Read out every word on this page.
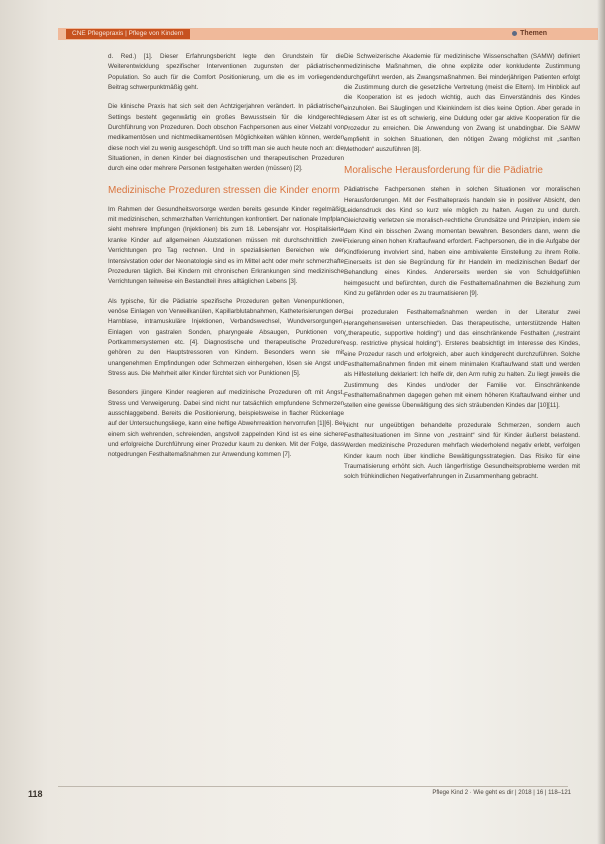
CNE Pflegepraxis | Pflege von Kindern	Themen

d. Red.) [1]. Dieser Erfahrungsbericht legte den Grundstein für die Weiterentwicklung spezifischer Interventionen zugunsten der pädiatrischen Population. So auch für die Comfort Positionierung, um die es im vorliegenden Beitrag schwerpunktmäßig geht.

Die klinische Praxis hat sich seit den Achtzigerjahren verändert. In pädiatrischen Settings besteht gegenwärtig ein großes Bewusstsein für die kindgerechte Durchführung von Prozeduren. Doch obschon Fachpersonen aus einer Vielzahl von medikamentösen und nichtmedikamentösen Möglichkeiten wählen können, werden diese noch viel zu wenig ausgeschöpft. Und so trifft man sie auch heute noch an: die Situationen, in denen Kinder bei diagnostischen und therapeutischen Prozeduren durch eine oder mehrere Personen festgehalten werden (müssen) [2].

Medizinische Prozeduren stressen die Kinder enorm

Im Rahmen der Gesundheitsvorsorge werden bereits gesunde Kinder regelmäßig mit medizinischen, schmerzhaften Verrichtungen konfrontiert. Der nationale Impfplan sieht mehrere Impfungen (Injektionen) bis zum 18. Lebensjahr vor. Hospitalisierte kranke Kinder auf allgemeinen Akutstationen müssen mit durchschnittlich zwei Verrichtungen pro Tag rechnen. Und in spezialisierten Bereichen wie der Intensivstation oder der Neonatologie sind es im Mittel acht oder mehr schmerzhafte Prozeduren täglich. Bei Kindern mit chronischen Erkrankungen sind medizinische Verrichtungen teilweise ein Bestandteil ihres alltäglichen Lebens [3].

Als typische, für die Pädiatrie spezifische Prozeduren gelten Venenpunktionen, venöse Einlagen von Verweilkanülen, Kapillarblutabnahmen, Katheterisierungen der Harnblase, intramuskuläre Injektionen, Verbandswechsel, Wundversorgungen, Einlagen von gastralen Sonden, pharyngeale Absaugen, Punktionen von Portkammersystemen etc. [4]. Diagnostische und therapeutische Prozeduren gehören zu den Hauptstressoren von Kindern. Besonders wenn sie mit unangenehmen Empfindungen oder Schmerzen einhergehen, lösen sie Angst und Stress aus. Die Mehrheit aller Kinder fürchtet sich vor Punktionen [5].

Besonders jüngere Kinder reagieren auf medizinische Prozeduren oft mit Angst, Stress und Verweigerung. Dabei sind nicht nur tatsächlich empfundene Schmerzen ausschlaggebend. Bereits die Positionierung, beispielsweise in flacher Rückenlage auf der Untersuchungsliege, kann eine heftige Abwehrreaktion hervorrufen [1][6]. Bei einem sich wehrenden, schreienden, angstvoll zappelnden Kind ist es eine sichere und erfolgreiche Durchführung einer Prozedur kaum zu denken. Mit der Folge, dass notgedrungen Festhaltemaßnahmen zur Anwendung kommen [7].

Die Schweizerische Akademie für medizinische Wissenschaften (SAMW) definiert medizinische Maßnahmen, die ohne explizite oder konkludente Zustimmung durchgeführt werden, als Zwangsmaßnahmen. Bei minderjährigen Patienten erfolgt die Zustimmung durch die gesetzliche Vertretung (meist die Eltern). Im Hinblick auf die Kooperation ist es jedoch wichtig, auch das Einverständnis des Kindes einzuholen. Bei Säuglingen und Kleinkindern ist dies keine Option. Aber gerade in diesem Alter ist es oft schwierig, eine Duldung oder gar aktive Kooperation für die Prozedur zu erreichen. Die Anwendung von Zwang ist unabdingbar. Die SAMW empfiehlt in solchen Situationen, den nötigen Zwang möglichst mit „sanften Methoden“ auszuführen [8].

Moralische Herausforderung für die Pädiatrie

Pädiatrische Fachpersonen stehen in solchen Situationen vor moralischen Herausforderungen. Mit der Festhaltepraxis handeln sie in positiver Absicht, den Leidensdruck des Kind so kurz wie möglich zu halten. Augen zu und durch. Gleichzeitig verletzen sie moralisch-rechtliche Grundsätze und Prinzipien, indem sie dem Kind ein bisschen Zwang momentan bewahren. Besonders dann, wenn die Fixierung einen hohen Kraftaufwand erfordert. Fachpersonen, die in die Aufgabe der Kindfixierung involviert sind, haben eine ambivalente Einstellung zu ihrem Rolle. Einerseits ist den sie Begründung für ihr Handeln im medizinischen Bedarf der Behandlung eines Kindes. Andererseits werden sie von Schuldgefühlen heimgesucht und befürchten, durch die Festhaltemaßnahmen die Beziehung zum Kind zu gefährden oder es zu traumatisieren [9].

Bei prozeduralen Festhaltemaßnahmen werden in der Literatur zwei Herangehensweisen unterschieden. Das therapeutische, unterstützende Halten („therapeutic, supportive holding“) und das einschränkende Festhalten („restraint resp. restrictive physical holding“). Ersteres beabsichtigt im Interesse des Kindes, eine Prozedur rasch und erfolgreich, aber auch kindgerecht durchzuführen. Solche Festhaltemaßnahmen finden mit einem minimalen Kraftaufwand statt und werden als Hilfestellung deklariert: Ich helfe dir, den Arm ruhig zu halten. Zu liegt jeweils die Zustimmung des Kindes und/oder der Familie vor. Einschränkende Festhaltemaßnahmen dagegen gehen mit einem höheren Kraftaufwand einher und stellen eine gewisse Überwältigung des sich sträubenden Kindes dar [10][11].

Nicht nur ungeübtigen behandelte prozedurale Schmerzen, sondern auch Festhaltesituationen im Sinne von „restraint“ sind für Kinder äußerst belastend. Werden medizinische Prozeduren mehrfach wiederholend negativ erlebt, verfolgen Kinder kaum noch über kindliche Bewältigungsstrategien. Das Risiko für eine Traumatisierung erhöht sich. Auch längerfristige Gesundheitsprobleme werden mit solch frühkindlichen Negativerfahrungen in Zusammenhang gebracht.

118	Pflege Kind 2 · Wie geht es dir | 2018 | 16 | 118–121
